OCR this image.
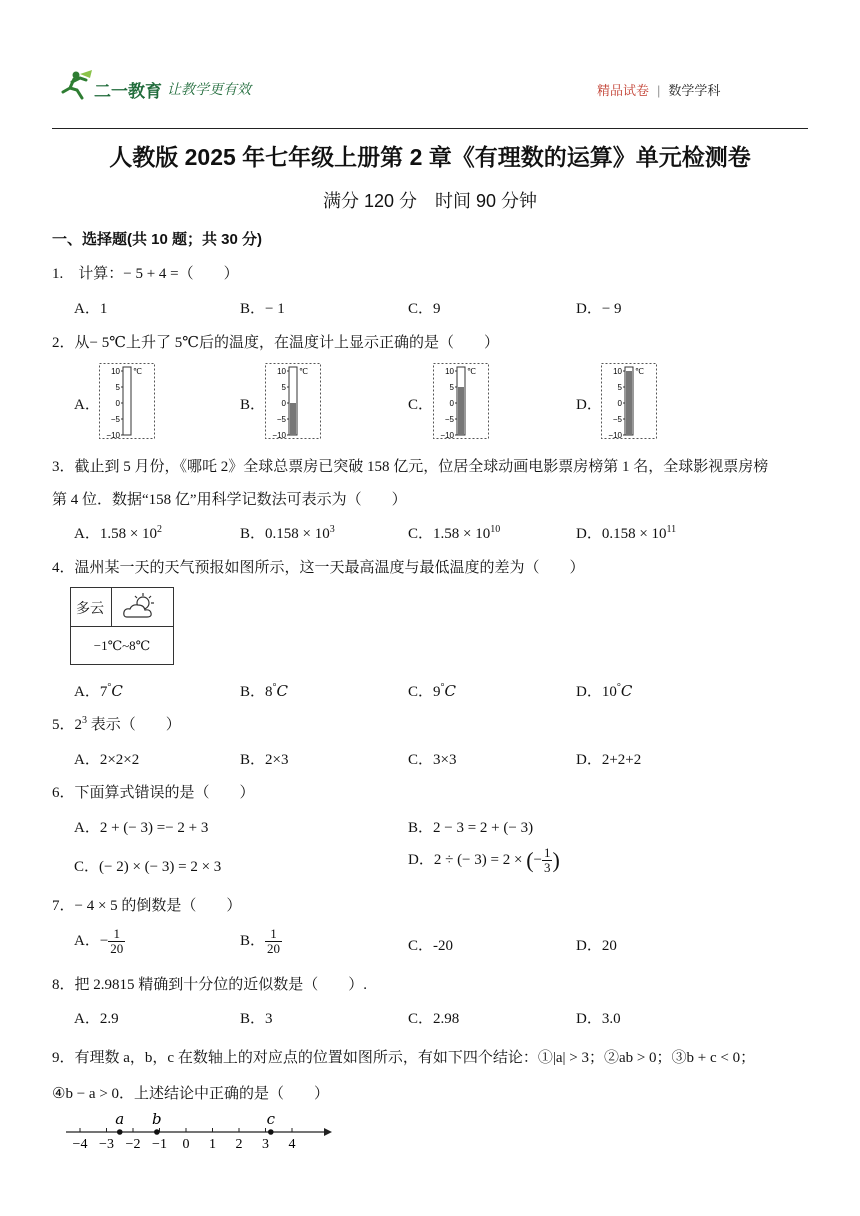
二一教育 让教学更有效	精品试卷 | 数学学科
人教版 2025 年七年级上册第 2 章《有理数的运算》单元检测卷
满分 120 分　时间 90 分钟
一、选择题(共 10 题；共 30 分)
1.　计算：− 5 + 4 =（　　）
A．1	B．− 1	C．9	D．− 9
2．从− 5℃上升了 5℃后的温度，在温度计上显示正确的是（　　）
A．	B．	C．	D．
10
5
0
−5
−10
℃	10
5
0
−5
−10
℃	10
5
0
−5
−10
℃	10
5
0
−5
−10
℃
3．截止到 5 月份，《哪吒 2》全球总票房已突破 158 亿元，位居全球动画电影票房榜第 1 名，全球影视票房榜
第 4 位．数据“158 亿”用科学记数法可表示为（　　）
A．$1.58 \times 10^2$	B．$0.158 \times 10^3$	C．$1.58 \times 10^{10}$	D．$0.158 \times 10^{11}$
4．温州某一天的天气预报如图所示，这一天最高温度与最低温度的差为（　　）
多云
−1℃~8℃
A．7°C	B．8°C	C．9°C	D．10°C
5．$2^3$ 表示（　　）
A．2×2×2	B．2×3	C．3×3	D．2+2+2
6．下面算式错误的是（　　）
A．2 + (− 3) =− 2 + 3	B．2 − 3 = 2 + (− 3)
C．(− 2) × (− 3) = 2 × 3	D．2 ÷ (− 3) = 2 × (− $\frac{1}{3}$ )
7．− 4 × 5 的倒数是（　　）
A．− $\frac{1}{20}$	B． $\frac{1}{20}$	C．-20	D．20
8．把 2.9815 精确到十分位的近似数是（　　）.
A．2.9	B．3	C．2.98	D．3.0
9．有理数 a，b，c 在数轴上的对应点的位置如图所示，有如下四个结论：①|a| > 3；②ab > 0；③b + c < 0；
④b − a > 0．上述结论中正确的是（　　）
−4 −3 −2 −1 0 1 2 3 4
a b	c
